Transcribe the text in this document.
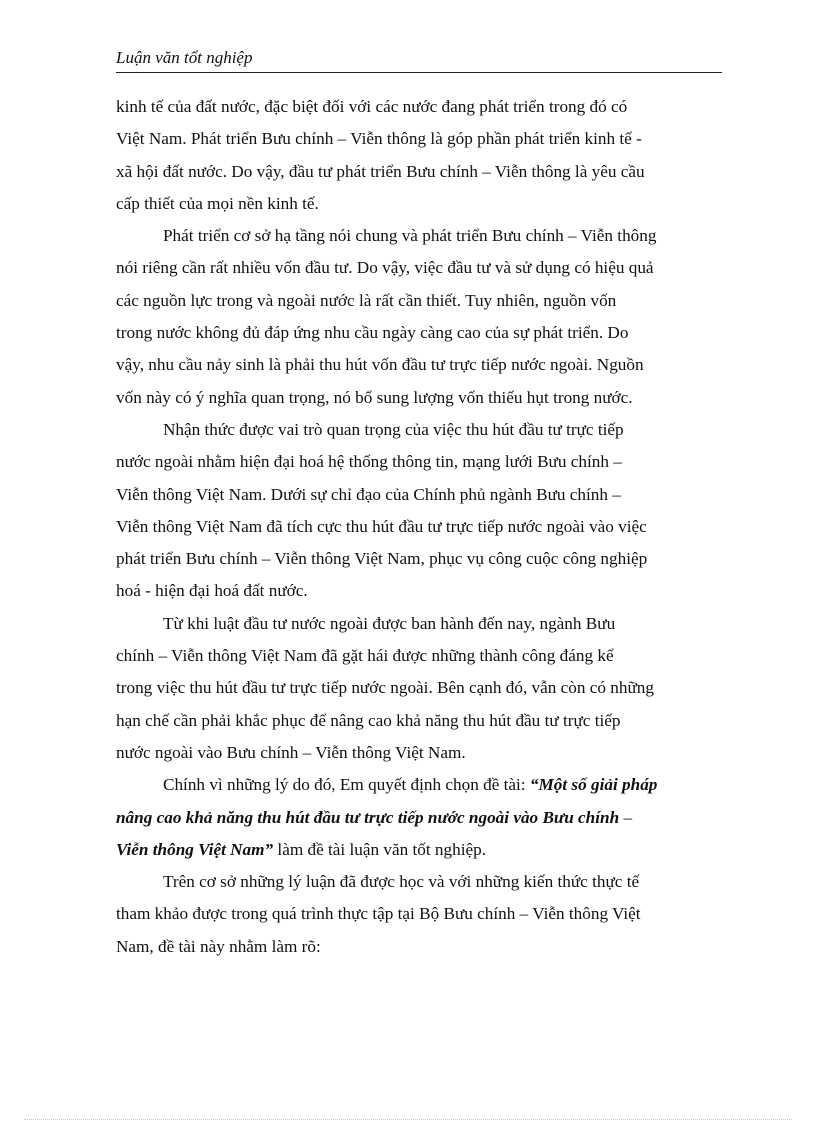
Luận văn tốt nghiệp

kinh tế của đất nước, đặc biệt đối với các nước đang phát triển trong đó có
Việt Nam. Phát triển Bưu chính – Viễn thông là góp phần phát triển kinh tế -
xã hội đất nước. Do vậy, đầu tư phát triển Bưu chính – Viễn thông là yêu cầu
cấp thiết của mọi nền kinh tế.

Phát triển cơ sở hạ tầng nói chung và phát triển Bưu chính – Viễn thông
nói riêng cần rất nhiều vốn đầu tư. Do vậy, việc đầu tư và sử dụng có hiệu quả
các nguồn lực trong và ngoài nước là rất cần thiết. Tuy nhiên, nguồn vốn
trong nước không đủ đáp ứng nhu cầu ngày càng cao của sự phát triển. Do
vậy, nhu cầu nảy sinh là phải thu hút vốn đầu tư trực tiếp nước ngoài. Nguồn
vốn này có ý nghĩa quan trọng, nó bổ sung lượng vốn thiếu hụt trong nước.

Nhận thức được vai trò quan trọng của việc thu hút đầu tư trực tiếp
nước ngoài nhằm hiện đại hoá hệ thống thông tin, mạng lưới Bưu chính –
Viễn thông Việt Nam. Dưới sự chỉ đạo của Chính phủ ngành Bưu chính –
Viễn thông Việt Nam đã tích cực thu hút đầu tư trực tiếp nước ngoài vào việc
phát triển Bưu chính – Viễn thông Việt Nam, phục vụ công cuộc công nghiệp
hoá - hiện đại hoá đất nước.

Từ khi luật đầu tư nước ngoài được ban hành đến nay, ngành Bưu
chính – Viễn thông Việt Nam đã gặt hái được những thành công đáng kể
trong việc thu hút đầu tư trực tiếp nước ngoài. Bên cạnh đó, vẫn còn có những
hạn chế cần phải khắc phục để nâng cao khả năng thu hút đầu tư trực tiếp
nước ngoài vào Bưu chính – Viễn thông Việt Nam.

Chính vì những lý do đó, Em quyết định chọn đề tài: “Một số giải pháp
nâng cao khả năng thu hút đầu tư trực tiếp nước ngoài vào Bưu chính –
Viễn thông Việt Nam” làm đề tài luận văn tốt nghiệp.

Trên cơ sở những lý luận đã được học và với những kiến thức thực tế
tham khảo được trong quá trình thực tập tại Bộ Bưu chính – Viễn thông Việt
Nam, đề tài này nhằm làm rõ:
